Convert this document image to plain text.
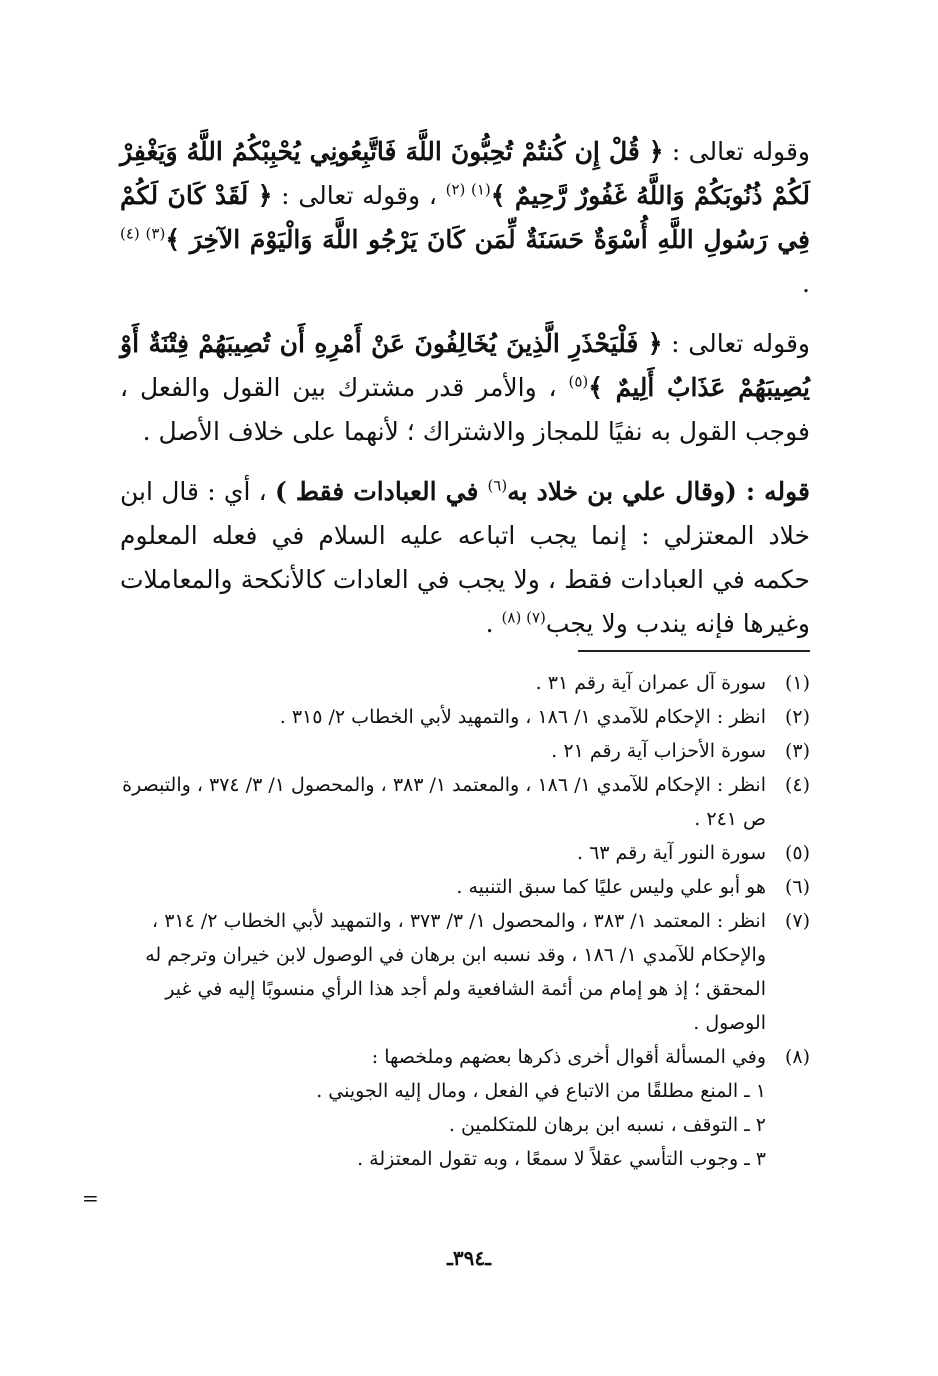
وقوله تعالى : ﴿ قُلْ إِن كُنتُمْ تُحِبُّونَ اللَّهَ فَاتَّبِعُونِي يُحْبِبْكُمُ اللَّهُ وَيَغْفِرْ لَكُمْ ذُنُوبَكُمْ وَاللَّهُ غَفُورٌ رَّحِيمٌ ﴾$^{(١) (٢)}$ ، وقوله تعالى : ﴿ لَقَدْ كَانَ لَكُمْ فِي رَسُولِ اللَّهِ أُسْوَةٌ حَسَنَةٌ لِّمَن كَانَ يَرْجُو اللَّهَ وَالْيَوْمَ الآخِرَ ﴾$^{(٣) (٤)}$ .

وقوله تعالى : ﴿ فَلْيَحْذَرِ الَّذِينَ يُخَالِفُونَ عَنْ أَمْرِهِ أَن تُصِيبَهُمْ فِتْنَةٌ أَوْ يُصِيبَهُمْ عَذَابٌ أَلِيمٌ ﴾$^{(٥)}$ ، والأمر قدر مشترك بين القول والفعل ، فوجب القول به نفيًا للمجاز والاشتراك ؛ لأنهما على خلاف الأصل .

قوله : (وقال علي بن خلاد به$^{(٦)}$ في العبادات فقط ) ، أي : قال ابن خلاد المعتزلي : إنما يجب اتباعه عليه السلام في فعله المعلوم حكمه في العبادات فقط ، ولا يجب في العادات كالأنكحة والمعاملات وغيرها فإنه يندب ولا يجب$^{(٧) (٨)}$ .

(١)
سورة آل عمران آية رقم ٣١ .
(٢)
انظر : الإحكام للآمدي ١/ ١٨٦ ، والتمهيد لأبي الخطاب ٢/ ٣١٥ .
(٣)
سورة الأحزاب آية رقم ٢١ .
(٤)
انظر : الإحكام للآمدي ١/ ١٨٦ ، والمعتمد ١/ ٣٨٣ ، والمحصول ١/ ٣/ ٣٧٤ ، والتبصرة ص ٢٤١ .
(٥)
سورة النور آية رقم ٦٣ .
(٦)
هو أبو علي وليس عليًا كما سبق التنبيه .
(٧)
انظر : المعتمد ١/ ٣٨٣ ، والمحصول ١/ ٣/ ٣٧٣ ، والتمهيد لأبي الخطاب ٢/ ٣١٤ ، والإحكام للآمدي ١/ ١٨٦ ، وقد نسبه ابن برهان في الوصول لابن خيران وترجم له المحقق ؛ إذ هو إمام من أئمة الشافعية ولم أجد هذا الرأي منسوبًا إليه في غير الوصول .
(٨)
وفي المسألة أقوال أخرى ذكرها بعضهم وملخصها :
١ ـ المنع مطلقًا من الاتباع في الفعل ، ومال إليه الجويني .
٢ ـ التوقف ، نسبه ابن برهان للمتكلمين .
٣ ـ وجوب التأسي عقلاً لا سمعًا ، وبه تقول المعتزلة .
=
ـ٣٩٤ـ
